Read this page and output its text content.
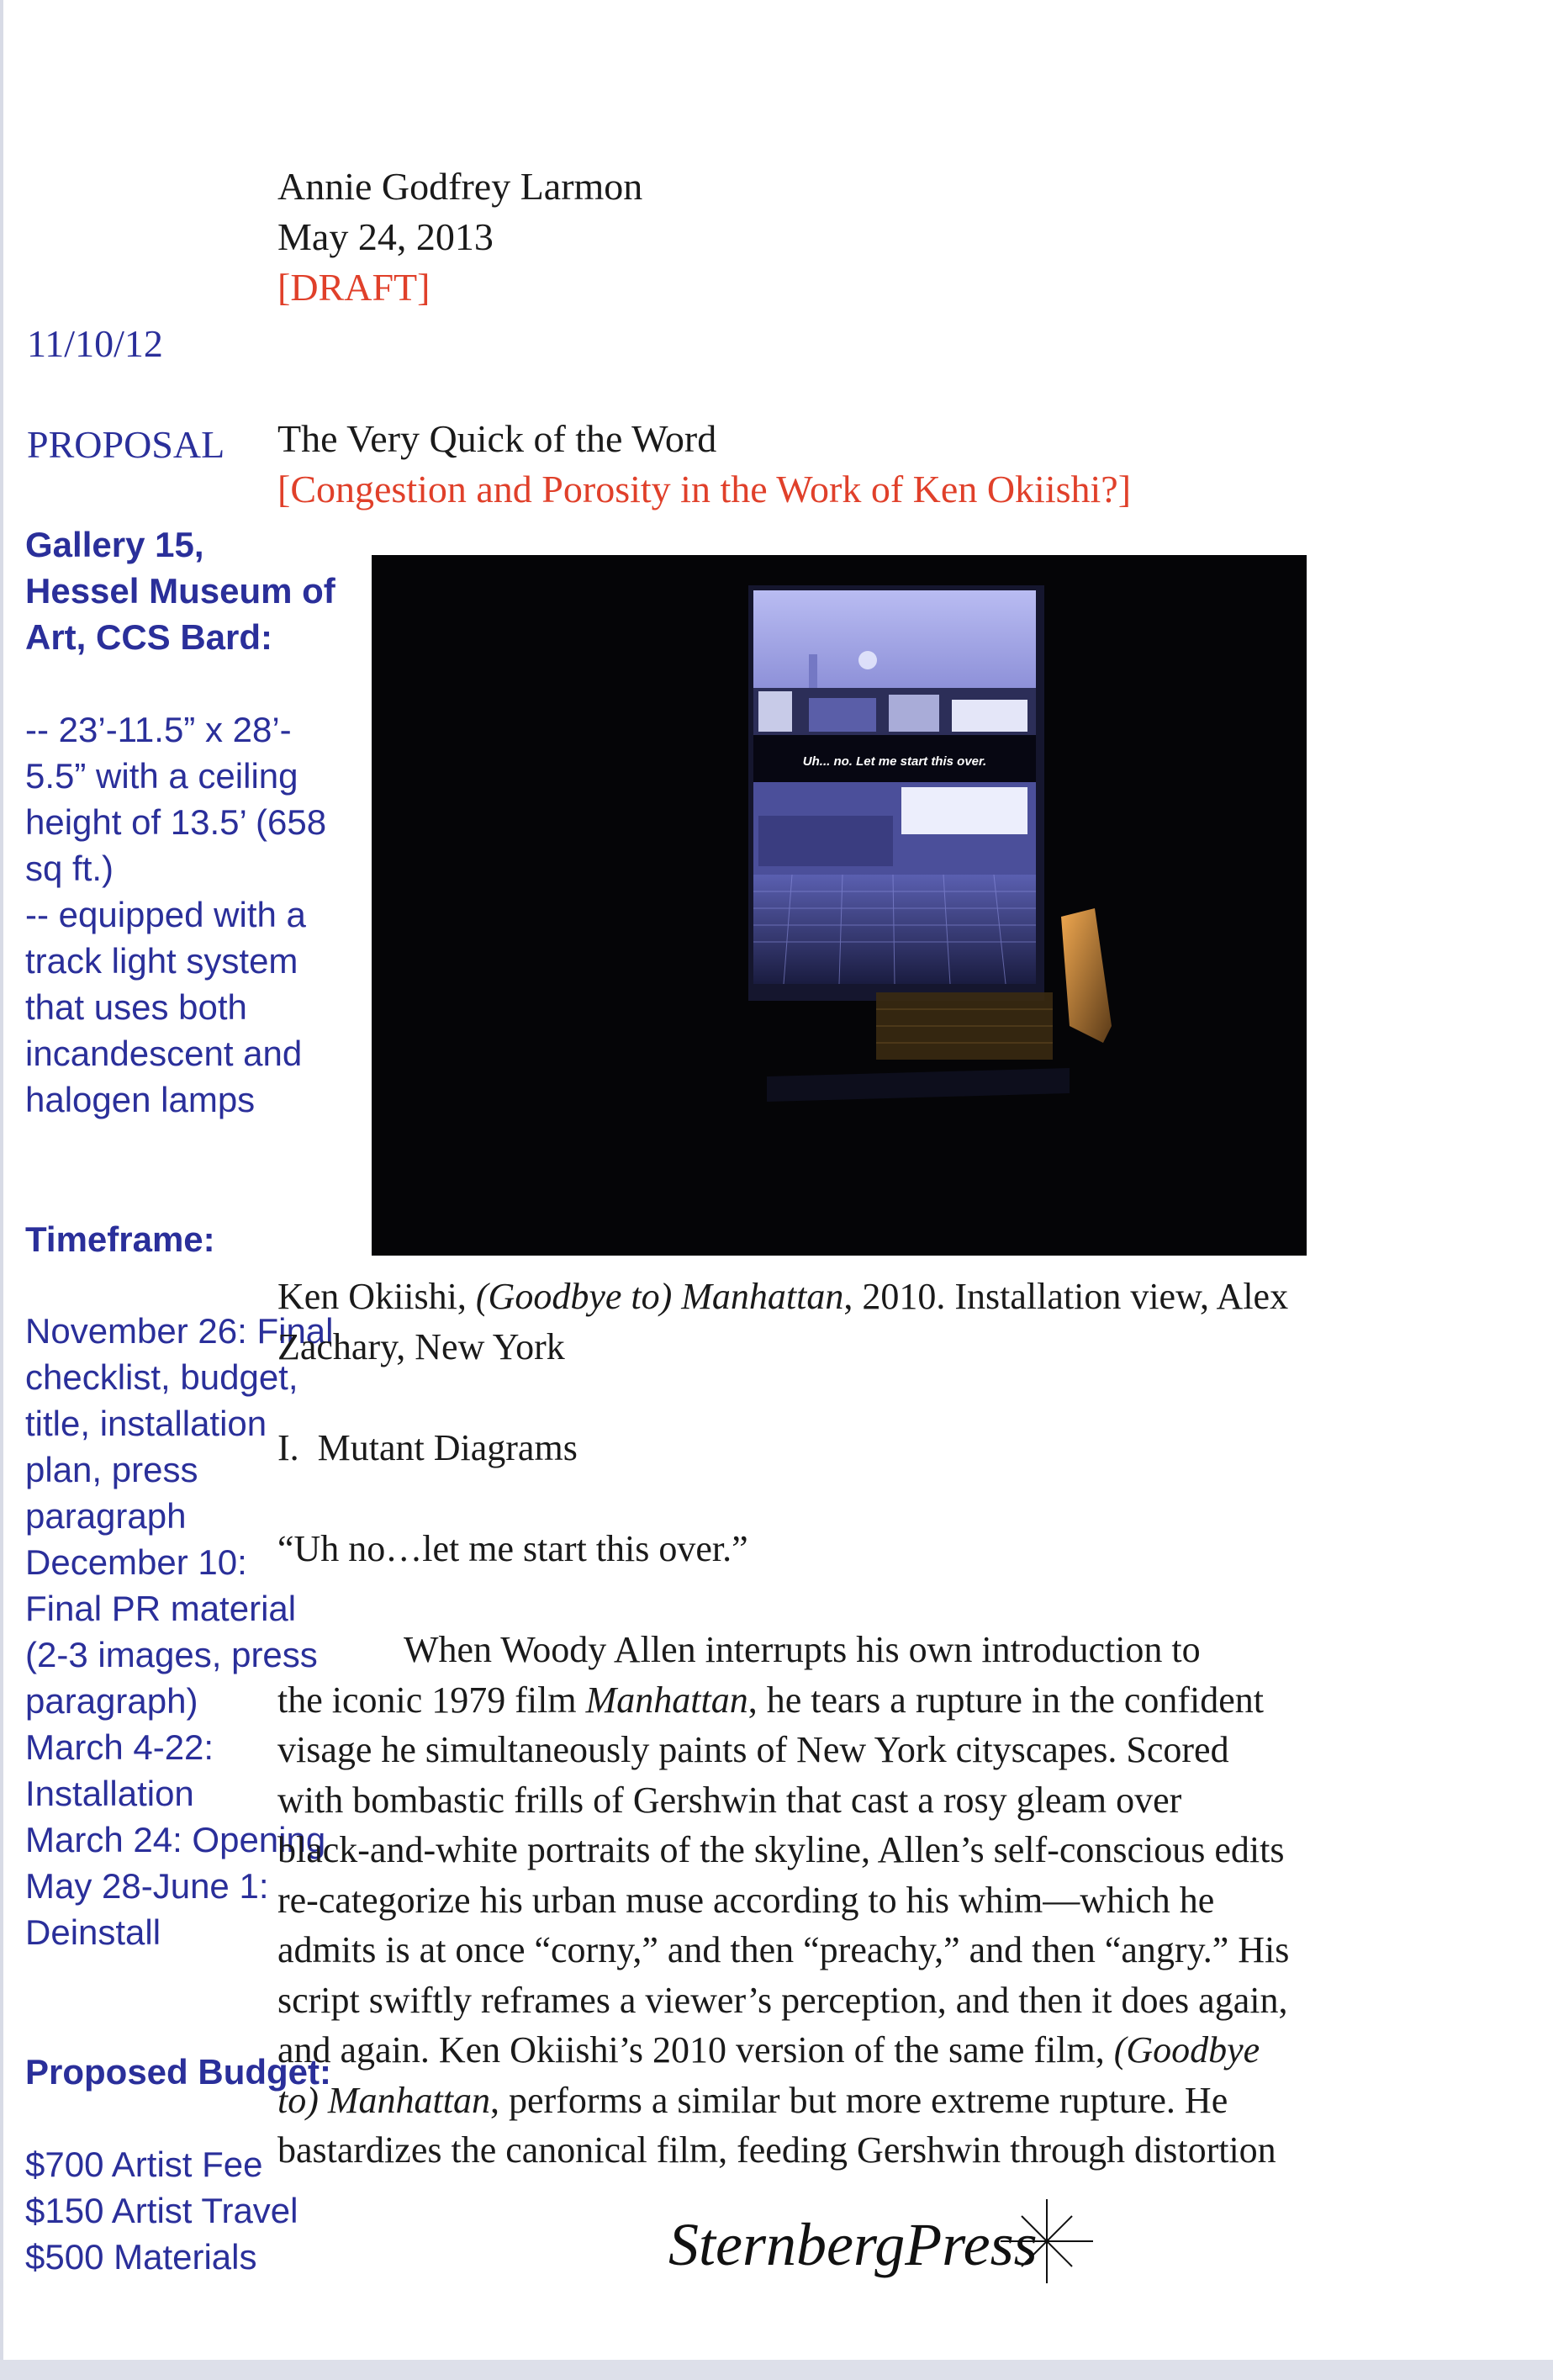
Annie Godfrey Larmon
May 24, 2013
[DRAFT]
11/10/12
PROPOSAL The Very Quick of the Word
[Congestion and Porosity in the Work of Ken Okiishi?]
Gallery 15,
Hessel Museum of
Art, CCS Bard:
-- 23’-11.5” x 28’-
5.5” with a ceiling
height of 13.5’ (658
sq ft.)
-- equipped with a
track light system
that uses both
incandescent and
halogen lamps
Uh... no. Let me start this over.
Timeframe:
November 26: Final
checklist, budget,
title, installation
plan, press
paragraph
December 10:
Final PR material
(2-3 images, press
paragraph)
March 4-22:
Installation
March 24: Opening
May 28-June 1:
Deinstall
Ken Okiishi, (Goodbye to) Manhattan, 2010. Installation view, Alex
Zachary, New York
I.  Mutant Diagrams
“Uh no…let me start this over.”
When Woody Allen interrupts his own introduction to
the iconic 1979 film Manhattan, he tears a rupture in the confident
visage he simultaneously paints of New York cityscapes. Scored
with bombastic frills of Gershwin that cast a rosy gleam over
black-and-white portraits of the skyline, Allen’s self-conscious edits
re-categorize his urban muse according to his whim—which he
admits is at once “corny,” and then “preachy,” and then “angry.” His
script swiftly reframes a viewer’s perception, and then it does again,
and again. Ken Okiishi’s 2010 version of the same film, (Goodbye
to) Manhattan, performs a similar but more extreme rupture. He
bastardizes the canonical film, feeding Gershwin through distortion
Proposed Budget:
$700 Artist Fee
$150 Artist Travel
$500 Materials	SternbergPress
